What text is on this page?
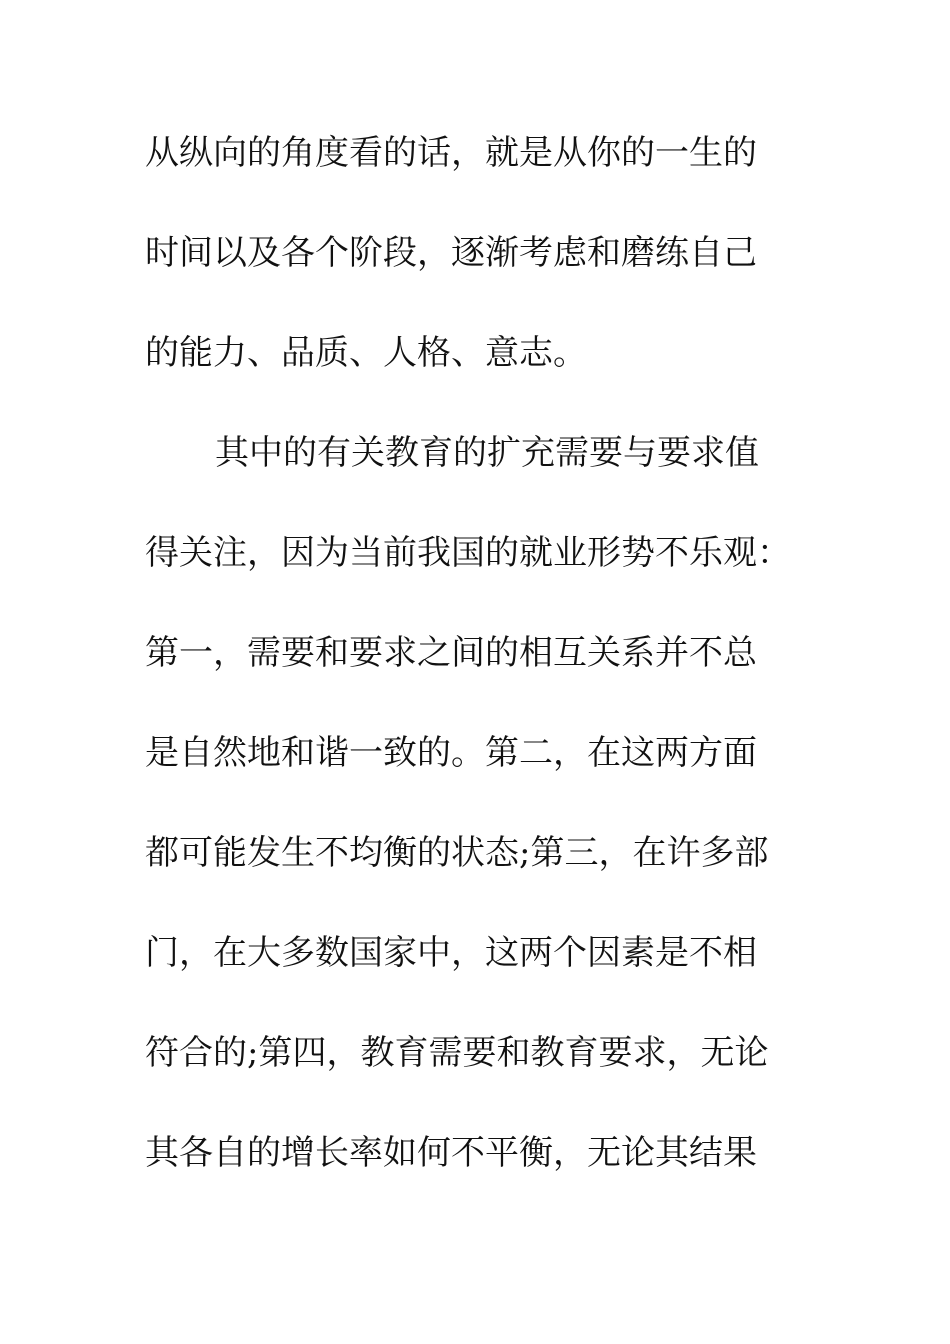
从纵向的角度看的话，就是从你的一生的
时间以及各个阶段，逐渐考虑和磨练自己
的能力、品质、人格、意志。
其中的有关教育的扩充需要与要求值
得关注，因为当前我国的就业形势不乐观：
第一，需要和要求之间的相互关系并不总
是自然地和谐一致的。第二，在这两方面
都可能发生不均衡的状态;第三，在许多部
门，在大多数国家中，这两个因素是不相
符合的;第四，教育需要和教育要求，无论
其各自的增长率如何不平衡，无论其结果
